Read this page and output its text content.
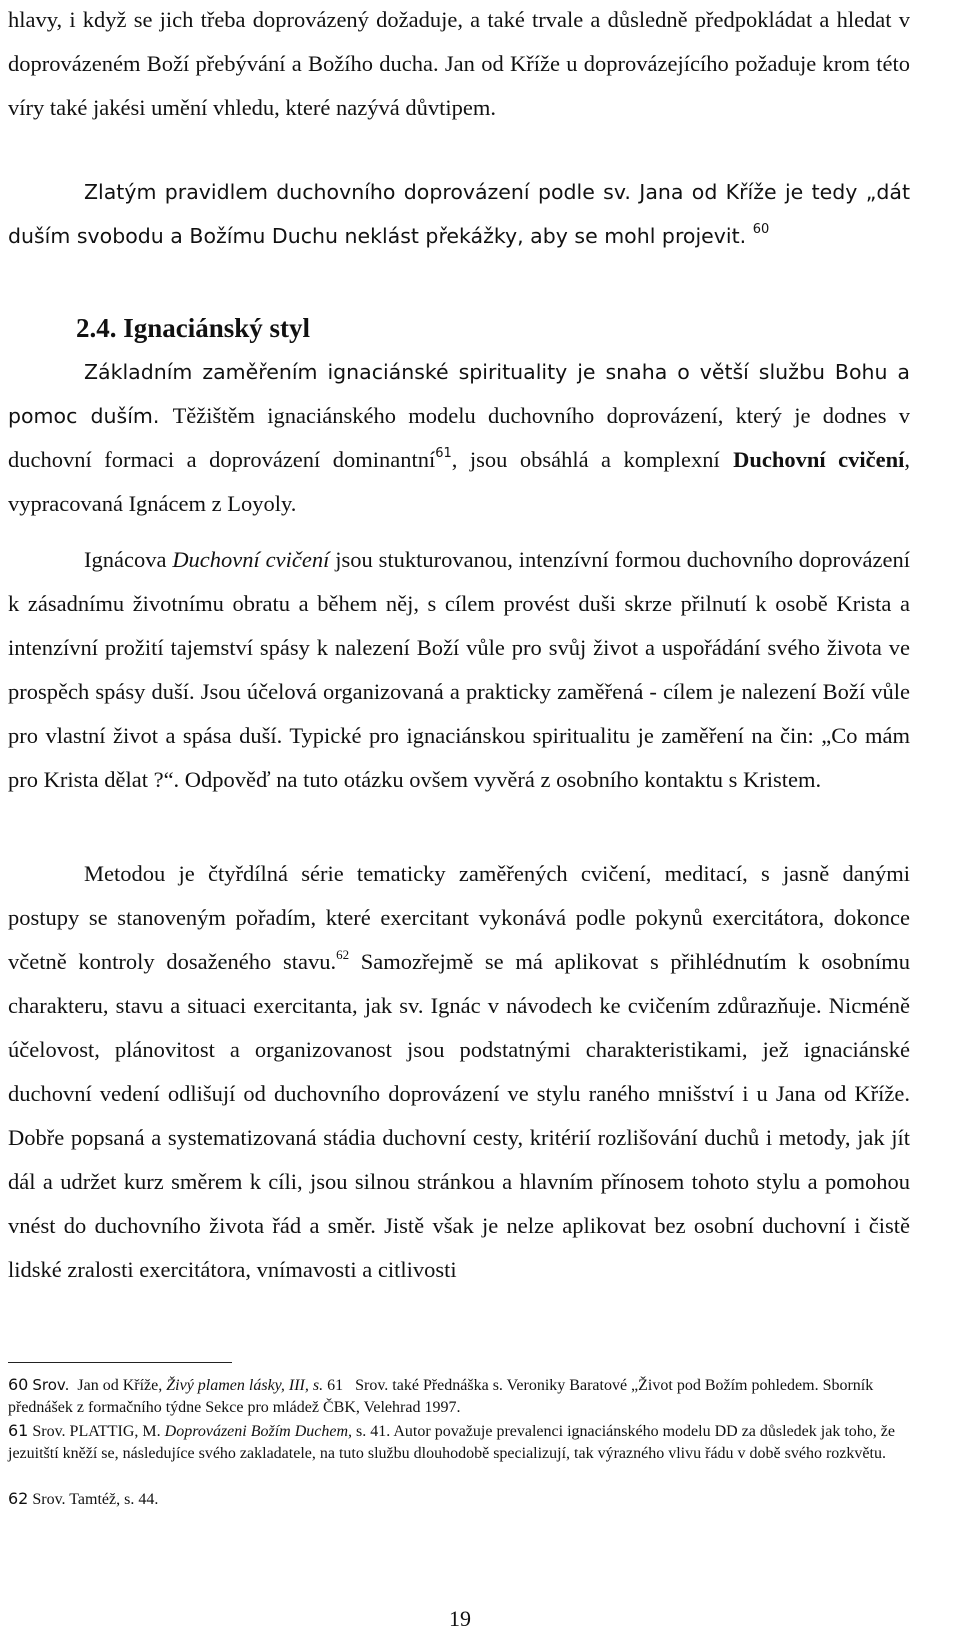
hlavy, i když se jich třeba doprovázený dožaduje, a také trvale a důsledně předpokládat a hledat v doprovázeném Boží přebývání a Božího ducha. Jan od Kříže u doprovázejícího požaduje krom této víry také jakési umění vhledu, které nazývá důvtipem.

Zlatým pravidlem duchovního doprovázení podle sv. Jana od Kříže je tedy „dát duším svobodu a Božímu Duchu neklást překážky, aby se mohl projevit. $^{60}$

2.4. Ignaciánský styl

Základním zaměřením ignaciánské spirituality je snaha o větší službu Bohu a pomoc duším. Těžištěm ignaciánského modelu duchovního doprovázení, který je dodnes v duchovní formaci a doprovázení dominantní$^{61}$, jsou obsáhlá a komplexní Duchovní cvičení, vypracovaná Ignácem z Loyoly.

Ignácova Duchovní cvičení jsou stukturovanou, intenzívní formou duchovního doprovázení k zásadnímu životnímu obratu a během něj, s cílem provést duši skrze přilnutí k osobě Krista a intenzívní prožití tajemství spásy k nalezení Boží vůle pro svůj život a uspořádání svého života ve prospěch spásy duší. Jsou účelová organizovaná a prakticky zaměřená - cílem je nalezení Boží vůle pro vlastní život a spása duší. Typické pro ignaciánskou spiritualitu je zaměření na čin: „Co mám pro Krista dělat ?“. Odpověď na tuto otázku ovšem vyvěrá z osobního kontaktu s Kristem.

Metodou je čtyřdílná série tematicky zaměřených cvičení, meditací, s jasně danými postupy se stanoveným pořadím, které exercitant vykonává podle pokynů exercitátora, dokonce včetně kontroly dosaženého stavu.$^{62}$ Samozřejmě se má aplikovat s přihlédnutím k osobnímu charakteru, stavu a situaci exercitanta, jak sv. Ignác v návodech ke cvičením zdůrazňuje. Nicméně účelovost, plánovitost a organizovanost jsou podstatnými charakteristikami, jež ignaciánské duchovní vedení odlišují od duchovního doprovázení ve stylu raného mnišství i u Jana od Kříže. Dobře popsaná a systematizovaná stádia duchovní cesty, kritérií rozlišování duchů i metody, jak jít dál a udržet kurz směrem k cíli, jsou silnou stránkou a hlavním přínosem tohoto stylu a pomohou vnést do duchovního života řád a směr. Jistě však je nelze aplikovat bez osobní duchovní i čistě lidské zralosti exercitátora, vnímavosti a citlivosti

60 Srov. Jan od Kříže, Živý plamen lásky, III, s. 61 Srov. také Přednáška s. Veroniky Baratové „Život pod Božím pohledem. Sborník přednášek z formačního týdne Sekce pro mládež ČBK, Velehrad 1997.

61 Srov. PLATTIG, M. Doprovázeni Božím Duchem, s. 41. Autor považuje prevalenci ignaciánského modelu DD za důsledek jak toho, že jezuitští kněží se, následujíce svého zakladatele, na tuto službu dlouhodobě specializují, tak výrazného vlivu řádu v době svého rozkvětu.

62 Srov. Tamtéž, s. 44.

19
